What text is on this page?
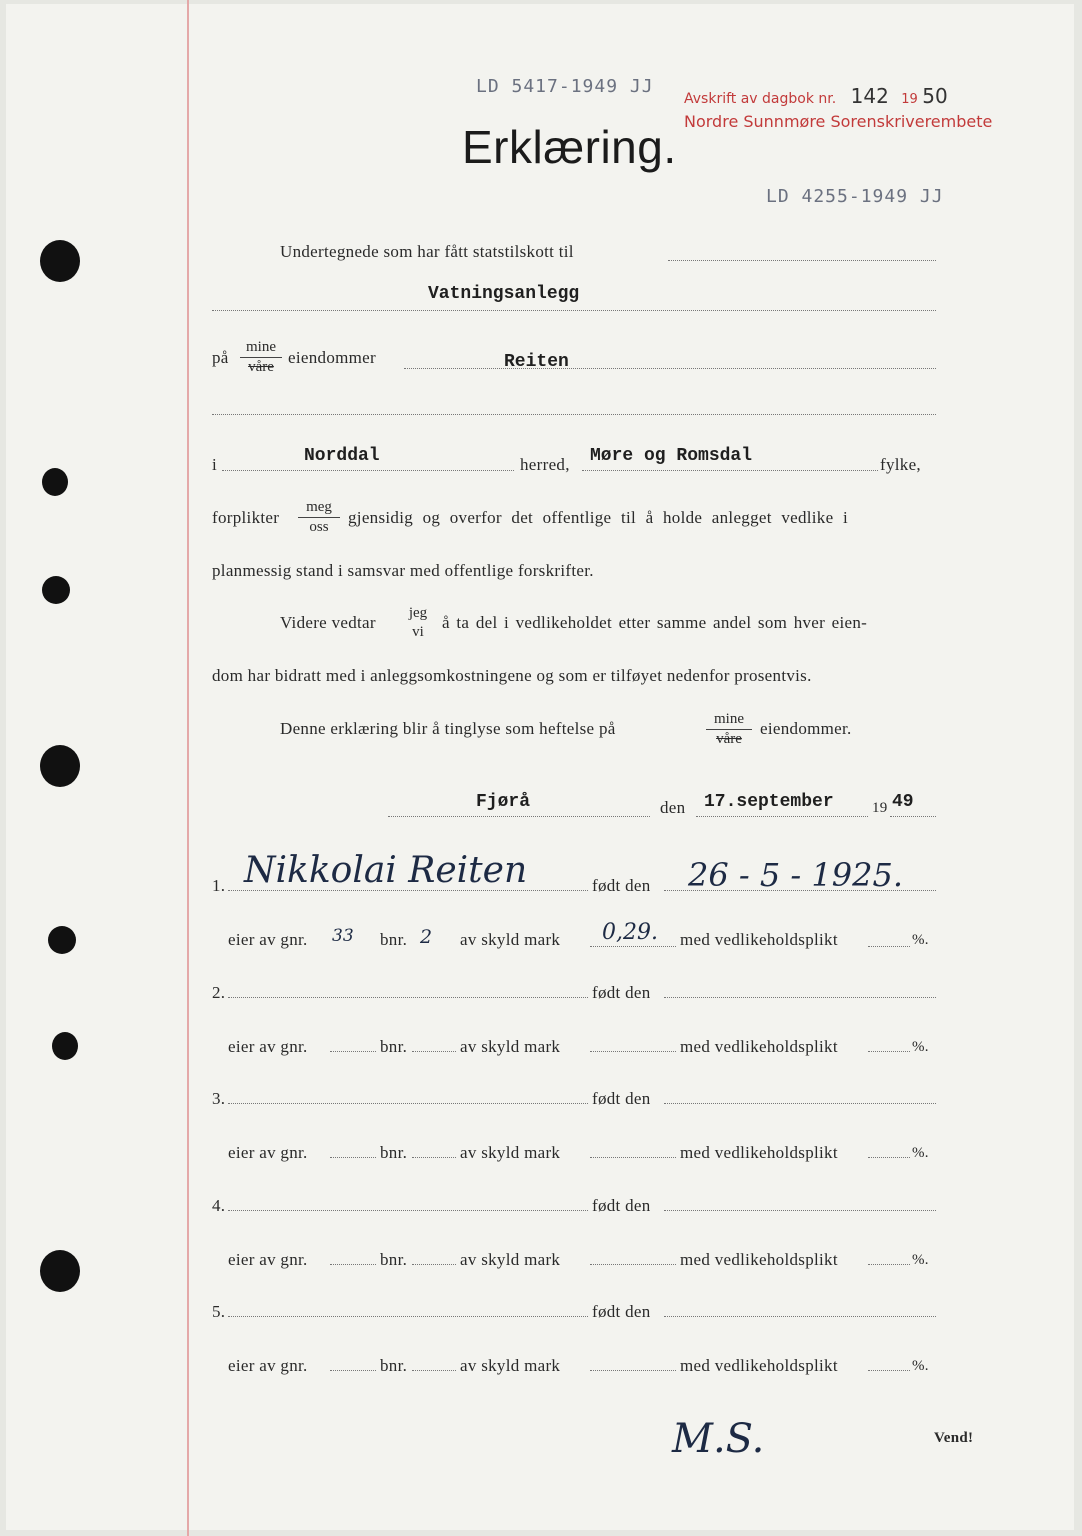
LD 5417-1949 JJ
Avskrift av dagbok nr. 142 19 50
Nordre Sunnmøre Sorenskriverembete
Erklæring.
LD 4255-1949 JJ
Undertegnede som har fått statstilskott til
Vatningsanlegg
på
mine
våre eiendommer	Reiten
i	Norddal	herred, Møre og Romsdal	fylke,
forplikter
meg
oss	gjensidig og overfor det offentlige til å holde anlegget vedlike i
planmessig stand i samsvar med offentlige forskrifter.
Videre vedtar	jeg
vi	å ta del i vedlikeholdet etter samme andel som hver eien-
dom har bidratt med i anleggsomkostningene og som er tilføyet nedenfor prosentvis.
Denne erklæring blir å tinglyse som heftelse på	mine
våre
eiendommer.
Fjørå	den 17.september	19 49
1. Nikkolai Reiten	født den 26 - 5 - 1925.
eier av gnr. 33 bnr. 2 av skyld mark 0,29. med vedlikeholdsplikt	%.
2.	født den
eier av gnr.	bnr.	av skyld mark	med vedlikeholdsplikt	%.
3.	født den
eier av gnr.	bnr.	av skyld mark	med vedlikeholdsplikt	%.
4.	født den
eier av gnr.	bnr.	av skyld mark	med vedlikeholdsplikt	%.
5.	født den
eier av gnr.	bnr.	av skyld mark	med vedlikeholdsplikt	%.
M.S.	Vend!
